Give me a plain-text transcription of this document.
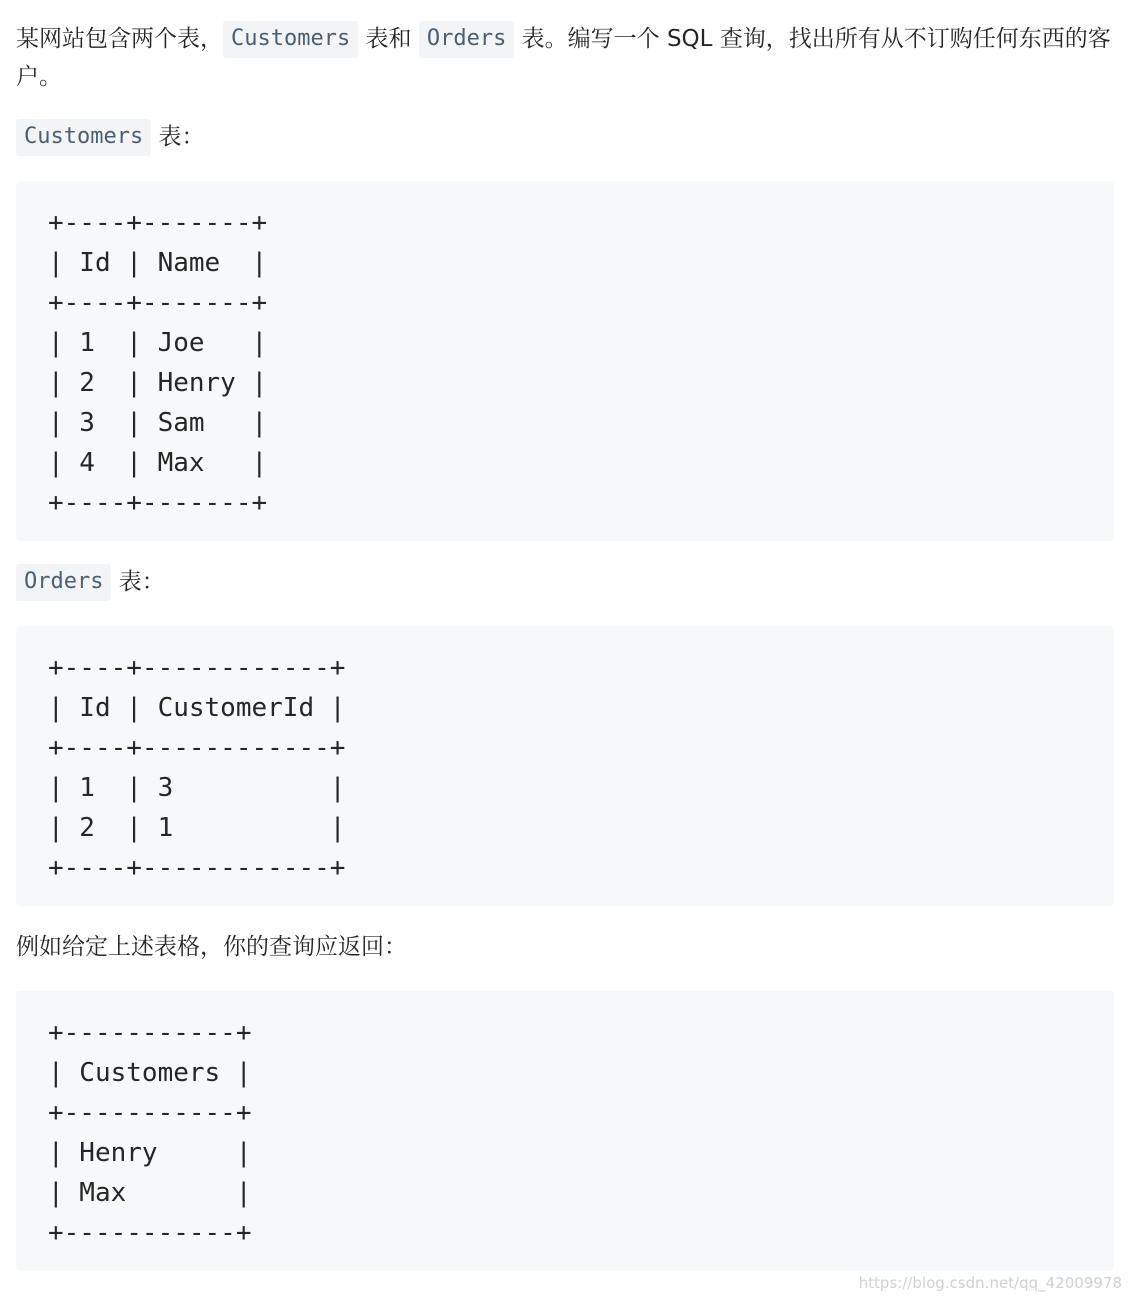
某网站包含两个表， Customers 表和 Orders 表。编写一个 SQL 查询，找出所有从不订购任何东西的客户。

Customers 表：

+----+-------+
| Id | Name  |
+----+-------+
| 1  | Joe   |
| 2  | Henry |
| 3  | Sam   |
| 4  | Max   |
+----+-------+

Orders 表：

+----+------------+
| Id | CustomerId |
+----+------------+
| 1  | 3          |
| 2  | 1          |
+----+------------+

例如给定上述表格，你的查询应返回：

+-----------+
| Customers |
+-----------+
| Henry     |
| Max       |
+-----------+
https://blog.csdn.net/qq_42009978
